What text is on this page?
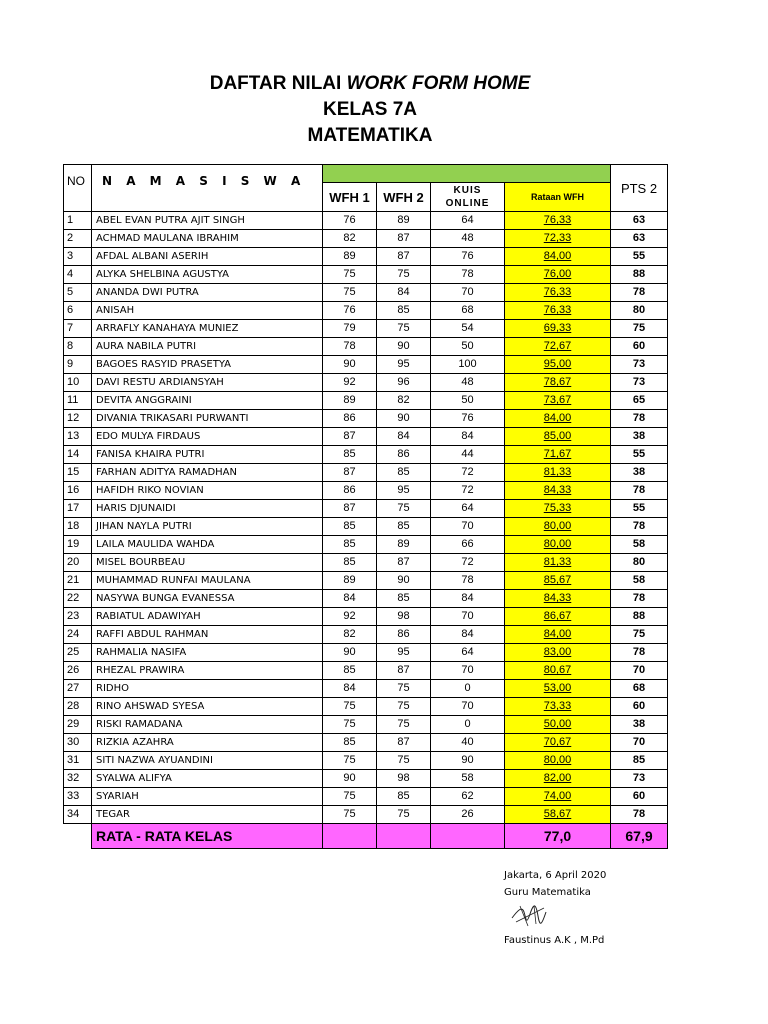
DAFTAR NILAI WORK FORM HOME
KELAS 7A
MATEMATIKA
NO	N A M A S I S W A					PTS 2
		WFH 1	WFH 2	KUIS ONLINE	Rataan WFH	
1	ABEL EVAN PUTRA AJIT SINGH	76	89	64	76,33	63
2	ACHMAD MAULANA IBRAHIM	82	87	48	72,33	63
3	AFDAL ALBANI ASERIH	89	87	76	84,00	55
4	ALYKA SHELBINA AGUSTYA	75	75	78	76,00	88
5	ANANDA DWI PUTRA	75	84	70	76,33	78
6	ANISAH	76	85	68	76,33	80
7	ARRAFLY KANAHAYA MUNIEZ	79	75	54	69,33	75
8	AURA NABILA PUTRI	78	90	50	72,67	60
9	BAGOES RASYID PRASETYA	90	95	100	95,00	73
10	DAVI RESTU ARDIANSYAH	92	96	48	78,67	73
11	DEVITA ANGGRAINI	89	82	50	73,67	65
12	DIVANIA TRIKASARI PURWANTI	86	90	76	84,00	78
13	EDO MULYA FIRDAUS	87	84	84	85,00	38
14	FANISA KHAIRA PUTRI	85	86	44	71,67	55
15	FARHAN ADITYA RAMADHAN	87	85	72	81,33	38
16	HAFIDH RIKO NOVIAN	86	95	72	84,33	78
17	HARIS DJUNAIDI	87	75	64	75,33	55
18	JIHAN NAYLA PUTRI	85	85	70	80,00	78
19	LAILA MAULIDA WAHDA	85	89	66	80,00	58
20	MISEL BOURBEAU	85	87	72	81,33	80
21	MUHAMMAD RUNFAI MAULANA	89	90	78	85,67	58
22	NASYWA BUNGA EVANESSA	84	85	84	84,33	78
23	RABIATUL ADAWIYAH	92	98	70	86,67	88
24	RAFFI ABDUL RAHMAN	82	86	84	84,00	75
25	RAHMALIA NASIFA	90	95	64	83,00	78
26	RHEZAL PRAWIRA	85	87	70	80,67	70
27	RIDHO	84	75	0	53,00	68
28	RINO AHSWAD SYESA	75	75	70	73,33	60
29	RISKI RAMADANA	75	75	0	50,00	38
30	RIZKIA AZAHRA	85	87	40	70,67	70
31	SITI NAZWA AYUANDINI	75	75	90	80,00	85
32	SYALWA ALIFYA	90	98	58	82,00	73
33	SYARIAH	75	85	62	74,00	60
34	TEGAR	75	75	26	58,67	78
	RATA - RATA KELAS				77,0	67,9
Jakarta, 6 April 2020
Guru Matematika
Faustinus A.K , M.Pd
